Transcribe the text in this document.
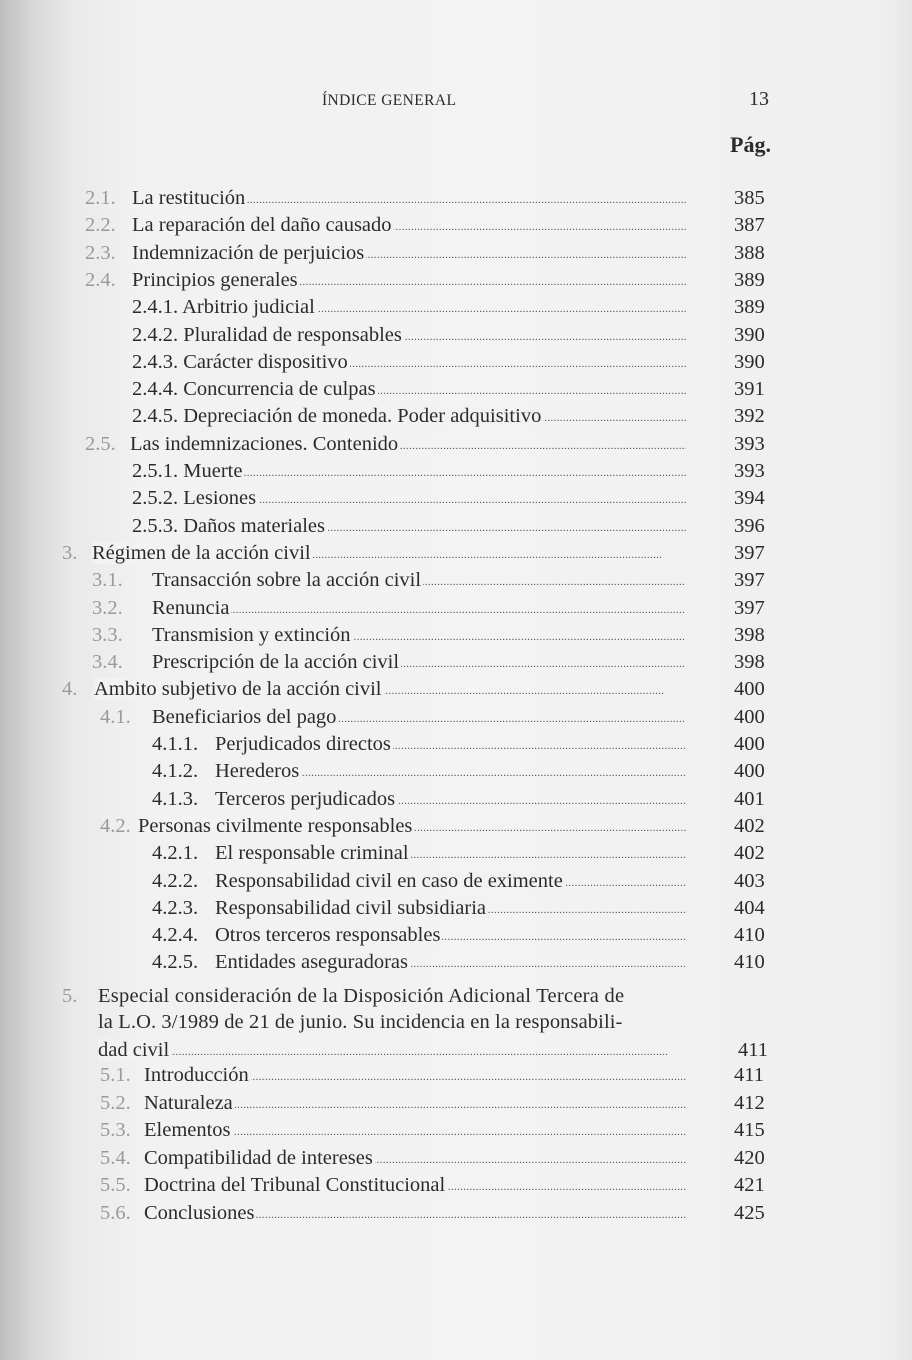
ÍNDICE GENERAL	13
Pág.
2.1. La restitución . . .	385
2.2. La reparación del daño causado . . .	387
2.3. Indemnización de perjuicios . . .	388
2.4. Principios generales . . .	389
2.4.1. Arbitrio judicial . . .	389
2.4.2. Pluralidad de responsables . . .	390
2.4.3. Carácter dispositivo . . .	390
2.4.4. Concurrencia de culpas . . .	391
2.4.5. Depreciación de moneda. Poder adquisitivo . . .	392
2.5. Las indemnizaciones. Contenido . . .	393
2.5.1. Muerte . . .	393
2.5.2. Lesiones . . .	394
2.5.3. Daños materiales . . .	396
3. Régimen de la acción civil . . .	397
3.1. Transacción sobre la acción civil . . .	397
3.2. Renuncia . . .	397
3.3. Transmision y extinción . . .	398
3.4. Prescripción de la acción civil . . .	398
4. Ambito subjetivo de la acción civil . . .	400
4.1. Beneficiarios del pago . . .	400
4.1.1. Perjudicados directos . . .	400
4.1.2. Herederos . . .	400
4.1.3. Terceros perjudicados . . .	401
4.2. Personas civilmente responsables . . .	402
4.2.1. El responsable criminal . . .	402
4.2.2. Responsabilidad civil en caso de eximente . . .	403
4.2.3. Responsabilidad civil subsidiaria . . .	404
4.2.4. Otros terceros responsables . . .	410
4.2.5. Entidades aseguradoras . . .	410
5. Especial consideración de la Disposición Adicional Tercera de
la L.O. 3/1989 de 21 de junio. Su incidencia en la responsabili-
dad civil . . .	411
5.1. Introducción . . .	411
5.2. Naturaleza . . .	412
5.3. Elementos . . .	415
5.4. Compatibilidad de intereses . . .	420
5.5. Doctrina del Tribunal Constitucional . . .	421
5.6. Conclusiones . . .	425
